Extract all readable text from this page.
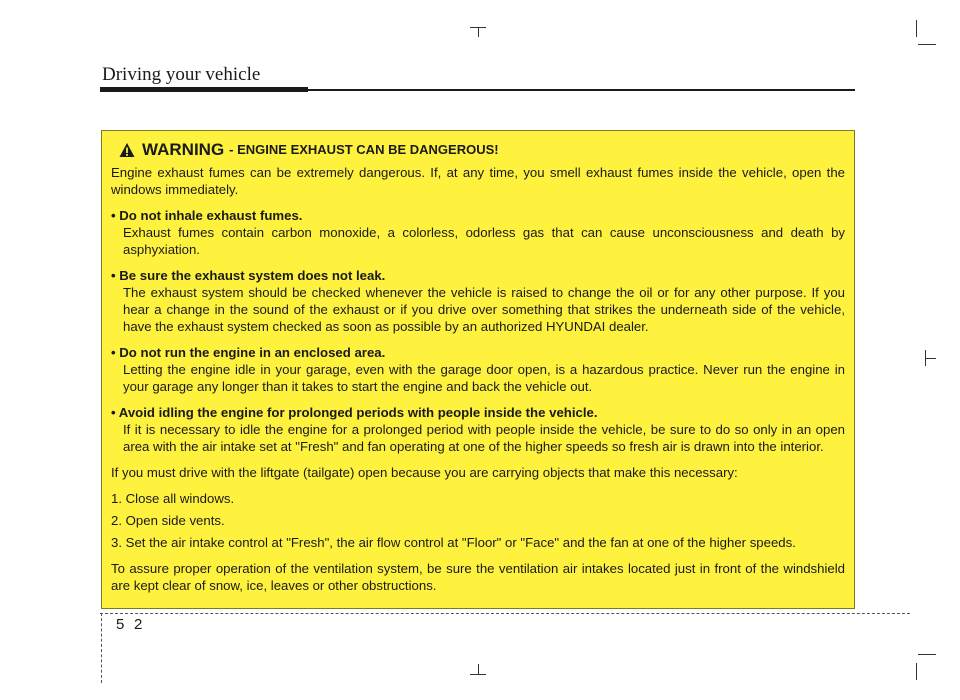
Driving your vehicle
WARNING - ENGINE EXHAUST CAN BE DANGEROUS!
Engine exhaust fumes can be extremely dangerous. If, at any time, you smell exhaust fumes inside the vehicle, open the windows immediately.
• Do not inhale exhaust fumes.
Exhaust fumes contain carbon monoxide, a colorless, odorless gas that can cause unconsciousness and death by asphyxiation.
• Be sure the exhaust system does not leak.
The exhaust system should be checked whenever the vehicle is raised to change the oil or for any other purpose. If you hear a change in the sound of the exhaust or if you drive over something that strikes the underneath side of the vehicle, have the exhaust system checked as soon as possible by an authorized HYUNDAI dealer.
• Do not run the engine in an enclosed area.
Letting the engine idle in your garage, even with the garage door open, is a hazardous practice. Never run the engine in your garage any longer than it takes to start the engine and back the vehicle out.
• Avoid idling the engine for prolonged periods with people inside the vehicle.
If it is necessary to idle the engine for a prolonged period with people inside the vehicle, be sure to do so only in an open area with the air intake set at "Fresh" and fan operating at one of the higher speeds so fresh air is drawn into the interior.
If you must drive with the liftgate (tailgate) open because you are carrying objects that make this necessary:
1. Close all windows.
2. Open side vents.
3. Set the air intake control at "Fresh", the air flow control at "Floor" or "Face" and the fan at one of the higher speeds.
To assure proper operation of the ventilation system, be sure the ventilation air intakes located just in front of the windshield are kept clear of snow, ice, leaves or other obstructions.
5 2
